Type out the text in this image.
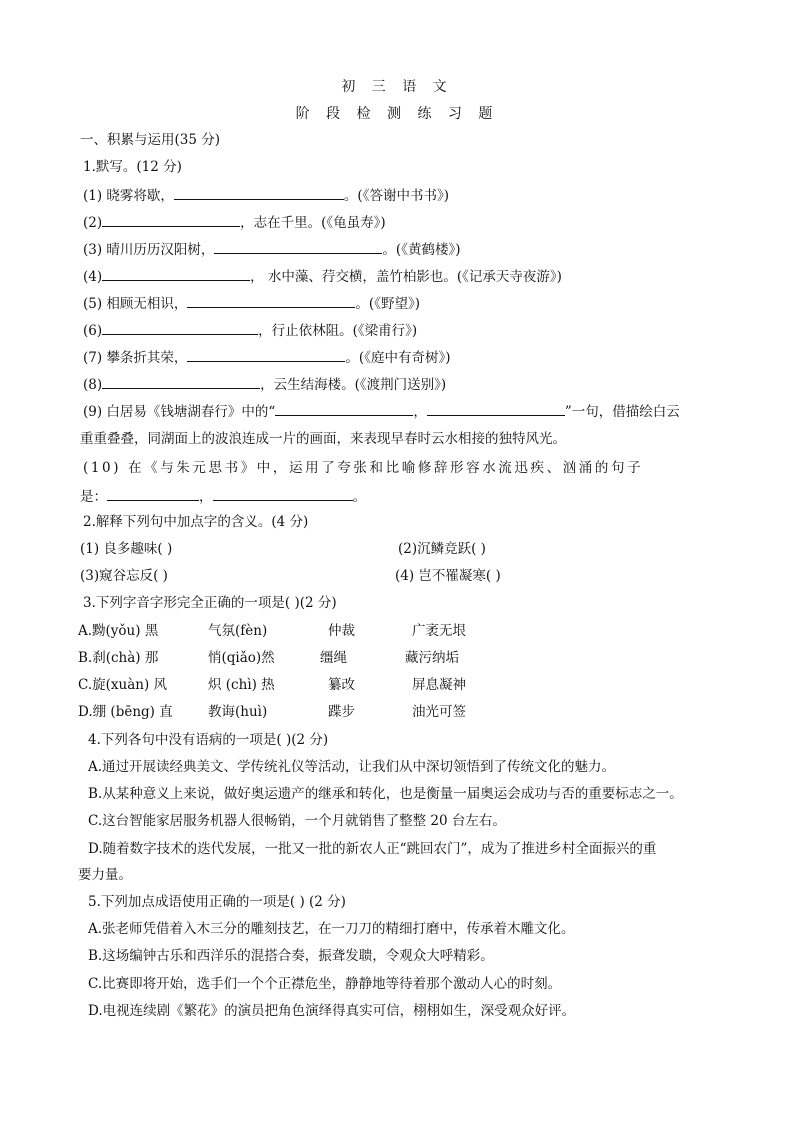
初 三 语 文
阶 段 检 测 练 习 题
一、积累与运用(35 分)
1.默写。(12 分)
(1) 晓雾将歇，	。(《答谢中书书》)
(2)	，志在千里。(《龟虽寿》)
(3) 晴川历历汉阳树，	。(《黄鹤楼》)
(4)	， 水中藻、荇交横，盖竹柏影也。(《记承天寺夜游》)
(5) 相顾无相识，	。(《野望》)
(6)	，行止依林阻。(《梁甫行》)
(7) 攀条折其荣，	。(《庭中有奇树》)
(8)	，云生结海楼。(《渡荆门送别》)
(9) 白居易《钱塘湖春行》中的“	，	”一句，借描绘白云
重重叠叠，同湖面上的波浪连成一片的画面，来表现早春时云水相接的独特风光。
(10) 在《与朱元思书》中，运用了夸张和比喻修辞形容水流迅疾、汹涌的句子
是：	，	。
2.解释下列句中加点字的含义。(4 分)
(1) 良多趣味( )	(2)沉鳞竞跃( )
(3)窥谷忘反( )	(4) 岂不罹凝寒( )
3.下列字音字形完全正确的一项是( )(2 分)
A.黝(yǒu) 黑	气氛(fèn)	仲裁	广袤无垠
B.刹(chà) 那	悄(qiǎo)然	缰绳	藏污纳垢
C.旋(xuàn) 风	炽 (chì) 热	纂改	屏息凝神
D.绷 (bēng) 直	教诲(huì)	蹀步	油光可签
4.下列各句中没有语病的一项是( )(2 分)
A.通过开展读经典美文、学传统礼仪等活动，让我们从中深切领悟到了传统文化的魅力。
B.从某种意义上来说，做好奥运遗产的继承和转化，也是衡量一届奥运会成功与否的重要标志之一。
C.这台智能家居服务机器人很畅销，一个月就销售了整整 20 台左右。
D.随着数字技术的迭代发展，一批又一批的新农人正“跳回农门”，成为了推进乡村全面振兴的重
要力量。
5.下列加点成语使用正确的一项是( ) (2 分)
A.张老师凭借着入木三分的雕刻技艺，在一刀刀的精细打磨中，传承着木雕文化。
B.这场编钟古乐和西洋乐的混搭合奏，振聋发聩，令观众大呼精彩。
C.比赛即将开始，选手们一个个正襟危坐，静静地等待着那个激动人心的时刻。
D.电视连续剧《繁花》的演员把角色演绎得真实可信，栩栩如生，深受观众好评。
